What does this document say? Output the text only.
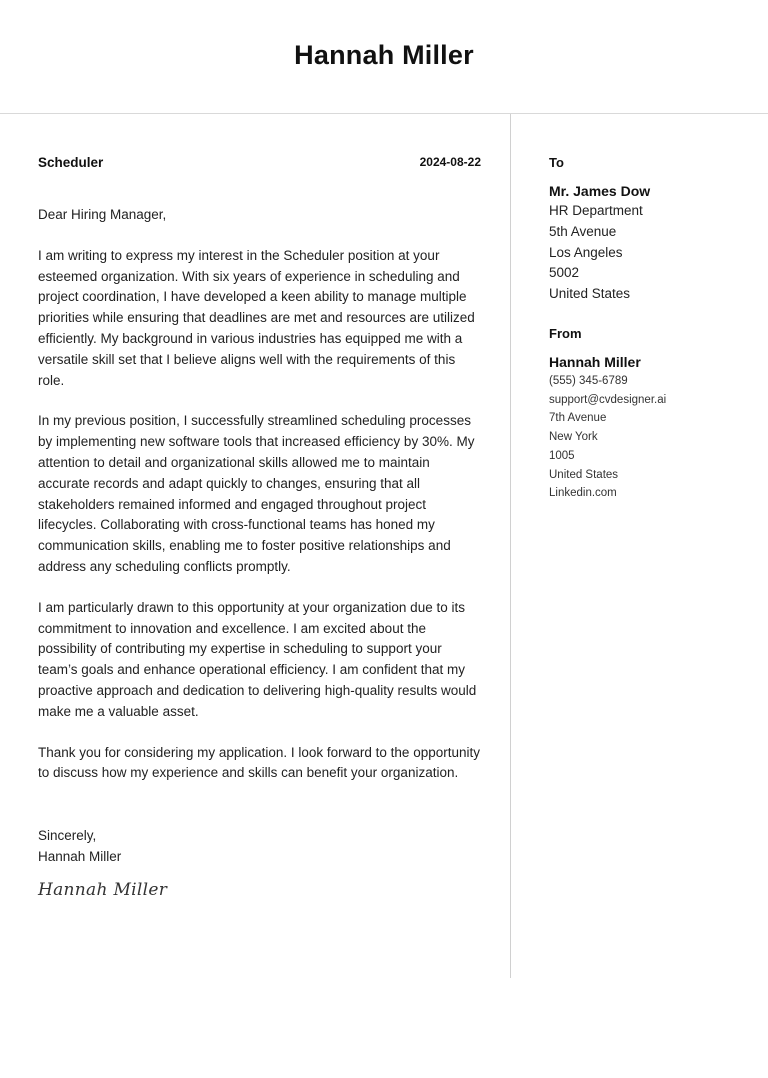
Hannah Miller
Scheduler	2024-08-22
Dear Hiring Manager,

I am writing to express my interest in the Scheduler position at your esteemed organization. With six years of experience in scheduling and project coordination, I have developed a keen ability to manage multiple priorities while ensuring that deadlines are met and resources are utilized efficiently. My background in various industries has equipped me with a versatile skill set that I believe aligns well with the requirements of this role.

In my previous position, I successfully streamlined scheduling processes by implementing new software tools that increased efficiency by 30%. My attention to detail and organizational skills allowed me to maintain accurate records and adapt quickly to changes, ensuring that all stakeholders remained informed and engaged throughout project lifecycles. Collaborating with cross-functional teams has honed my communication skills, enabling me to foster positive relationships and address any scheduling conflicts promptly.

I am particularly drawn to this opportunity at your organization due to its commitment to innovation and excellence. I am excited about the possibility of contributing my expertise in scheduling to support your team’s goals and enhance operational efficiency. I am confident that my proactive approach and dedication to delivering high-quality results would make me a valuable asset.

Thank you for considering my application. I look forward to the opportunity to discuss how my experience and skills can benefit your organization.

Sincerely,
Hannah Miller
Hannah Miller
To
Mr. James Dow
HR Department
5th Avenue
Los Angeles
5002
United States
From
Hannah Miller
(555) 345-6789
support@cvdesigner.ai
7th Avenue
New York
1005
United States
Linkedin.com
